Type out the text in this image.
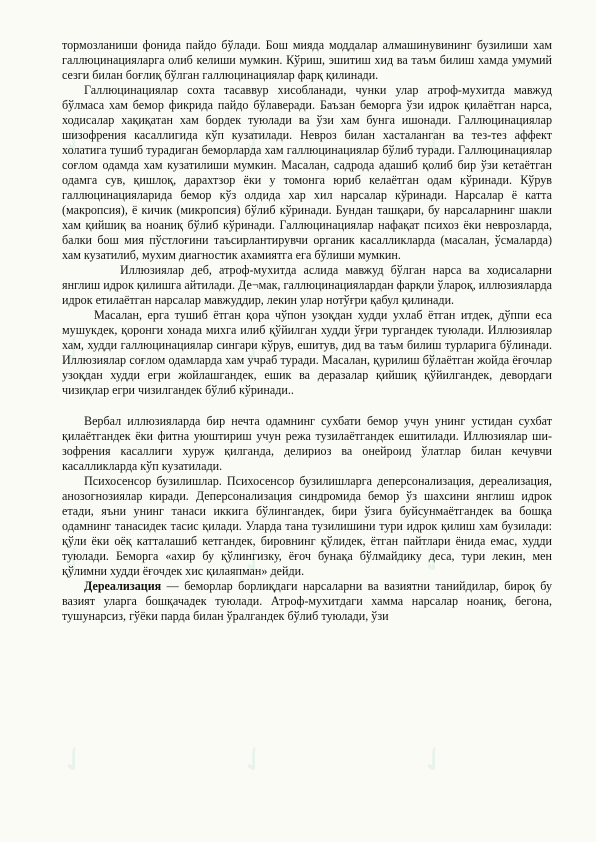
✓	✓	✓
✓	✓	✓
✓	✓	✓
✓	✓	✓

тормозланиши фонида пайдо бўлади. Бош мияда моддалар алмашинувининг бузилиши хам галлюцинацияларга олиб келиши мумкин. Кўриш, эшитиш хид ва таъм билиш хамда умумий сезги билан боғлиқ бўлган галлюцинациялар фарқ қилинади.

Галлюцинациялар сохта тасаввур хисобланади, чунки улар атроф-мухитда мавжуд бўлмаса хам бемор фикрида пайдо бўлаверади. Баъзан беморга ўзи идрок қилаётган нарса, ходисалар хақиқатан хам бордек туюлади ва ўзи хам бунга ишонади. Галлюцинациялар шизофрения касаллигида кўп кузатилади. Невроз билан хасталанган ва тез-тез аффект холатига тушиб турадиган беморларда хам галлюцинациялар бўлиб туради. Галлюцинациялар соғлом одамда хам кузатилиши мумкин. Масалан, садрода адашиб қолиб бир ўзи кетаётган одамга сув, қишлоқ, дарахтзор ёки у томонга юриб келаётган одам кўринади. Кўрув галлюцинацияларида бемор кўз олдида хар хил нарсалар кўринади. Нарсалар ё катта (макропсия), ё кичик (микропсия) бўлиб кўринади. Бундан ташқари, бу нарсаларнинг шакли хам қийшиқ ва ноаниқ бўлиб кўринади. Галлюцинациялар нафақат психоз ёки неврозларда, балки бош мия пўстлоғини таъсирлантирувчи органик касалликларда (масалан, ўсмаларда) хам кузатилиб, мухим диагностик ахамиятга ега бўлиши мумкин.

Иллюзиялар деб, атроф-мухитда аслида мавжуд бўлган нарса ва ходисаларни янглиш идрок қилишга айтилади. Де¬мак, галлюцинациялардан фарқли ўлароқ, иллюзияларда идрок етилаётган нарсалар мавжуддир, лекин улар нотўғри қабул қилинади.

Масалан, ерга тушиб ётган қора чўпон узоқдан худди ухлаб ётган итдек, дўппи еса мушукдек, қоронги хонада михга илиб қўйилган худди ўғри тургандек туюлади. Иллюзиялар хам, худди галлюцинациялар сингари кўрув, ешитув, дид ва таъм билиш турларига бўлинади. Иллюзиялар соғлом одамларда хам учраб туради. Масалан, қурилиш бўлаётган жойда ёғочлар узоқдан худди егри жойлашгандек, ешик ва деразалар қийшиқ қўйилгандек, девордаги чизиқлар егри чизилгандек бўлиб кўринади..

Вербал иллюзияларда бир нечта одамнинг сухбати бемор учун унинг устидан сухбат қилаётгандек ёки фитна уюштириш учун режа тузилаётгандек ешитилади. Иллюзиялар ши-зофрения касаллиги хуруж қилганда, делириоз ва онейроид ўлатлар билан кечувчи касалликларда кўп кузатилади.

Психосенсор бузилишлар. Психосенсор бузилишларга деперсонализация, дереализация, анозогнозиялар киради. Деперсонализация синдромида бемор ўз шахсини янглиш идрок етади, яъни унинг танаси иккига бўлингандек, бири ўзига буйсунмаётгандек ва бошқа одамнинг танасидек тасис қилади. Уларда тана тузилишини тури идрок қилиш хам бузилади: қўли ёки оёқ катталашиб кетгандек, бировнинг қўлидек, ётган пайтлари ёнида емас, худди туюлади. Беморга «ахир бу қўлингизку, ёғоч бунақа бўлмайдику деса, тури лекин, мен қўлимни худди ёғочдек хис қилаяпман» дейди.

Дереализация — беморлар борлиқдаги нарсаларни ва вазиятни танийдилар, бироқ бу вазият уларга бошқачадек туюлади. Атроф-мухитдаги хамма нарсалар ноаниқ, бегона, тушунарсиз, гўёки парда билан ўралгандек бўлиб туюлади, ўзи
